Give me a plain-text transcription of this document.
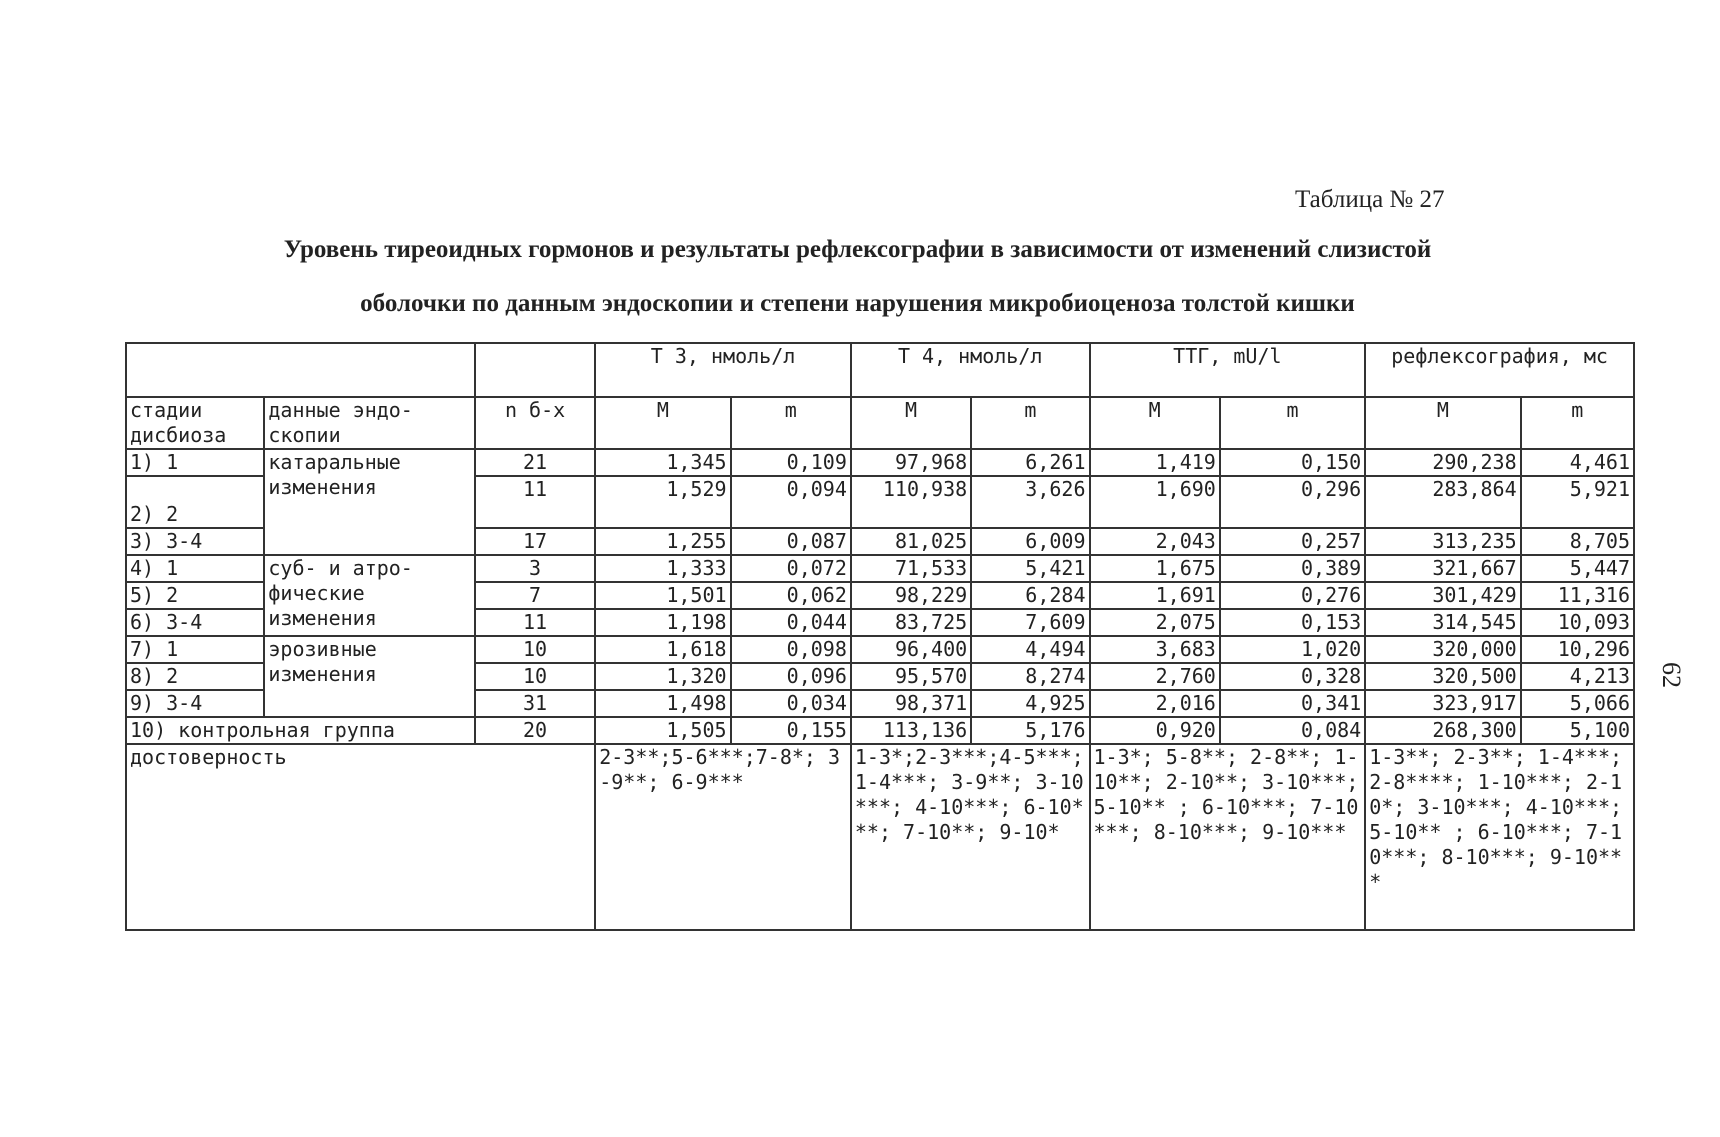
Таблица № 27
Уровень тиреоидных гормонов и результаты рефлексографии в зависимости от изменений слизистой
оболочки по данным эндоскопии и степени нарушения микробиоценоза толстой кишки
62
			Т 3, нмоль/л		Т 4, нмоль/л		ТТГ, mU/l		рефлексография, мс	
стадии дисбиоза	данные эндо-скопии	n б-х	М	m	М	m	М	m	М	m
1) 1	катаральные изменения	21	1,345	0,109	97,968	6,261	1,419	0,150	290,238	4,461
2) 2		11	1,529	0,094	110,938	3,626	1,690	0,296	283,864	5,921
3) 3-4		17	1,255	0,087	81,025	6,009	2,043	0,257	313,235	8,705
4) 1	суб- и атро-фические изменения	3	1,333	0,072	71,533	5,421	1,675	0,389	321,667	5,447
5) 2		7	1,501	0,062	98,229	6,284	1,691	0,276	301,429	11,316
6) 3-4		11	1,198	0,044	83,725	7,609	2,075	0,153	314,545	10,093
7) 1	эрозивные изменения	10	1,618	0,098	96,400	4,494	3,683	1,020	320,000	10,296
8) 2		10	1,320	0,096	95,570	8,274	2,760	0,328	320,500	4,213
9) 3-4		31	1,498	0,034	98,371	4,925	2,016	0,341	323,917	5,066
10) контрольная группа		20	1,505	0,155	113,136	5,176	0,920	0,084	268,300	5,100
достоверность			2-3**;5-6***;7-8*; 3-9**; 6-9***		1-3*;2-3***;4-5***; 1-4***; 3-9**; 3-10***; 4-10***; 6-10***; 7-10**; 9-10*		1-3*; 5-8**; 2-8**; 1-10**; 2-10**; 3-10***; 5-10** ; 6-10***; 7-10***; 8-10***; 9-10***		1-3**; 2-3**; 1-4***; 2-8****; 1-10***; 2-10*; 3-10***; 4-10***;5-10** ; 6-10***; 7-10***; 8-10***; 9-10***	
